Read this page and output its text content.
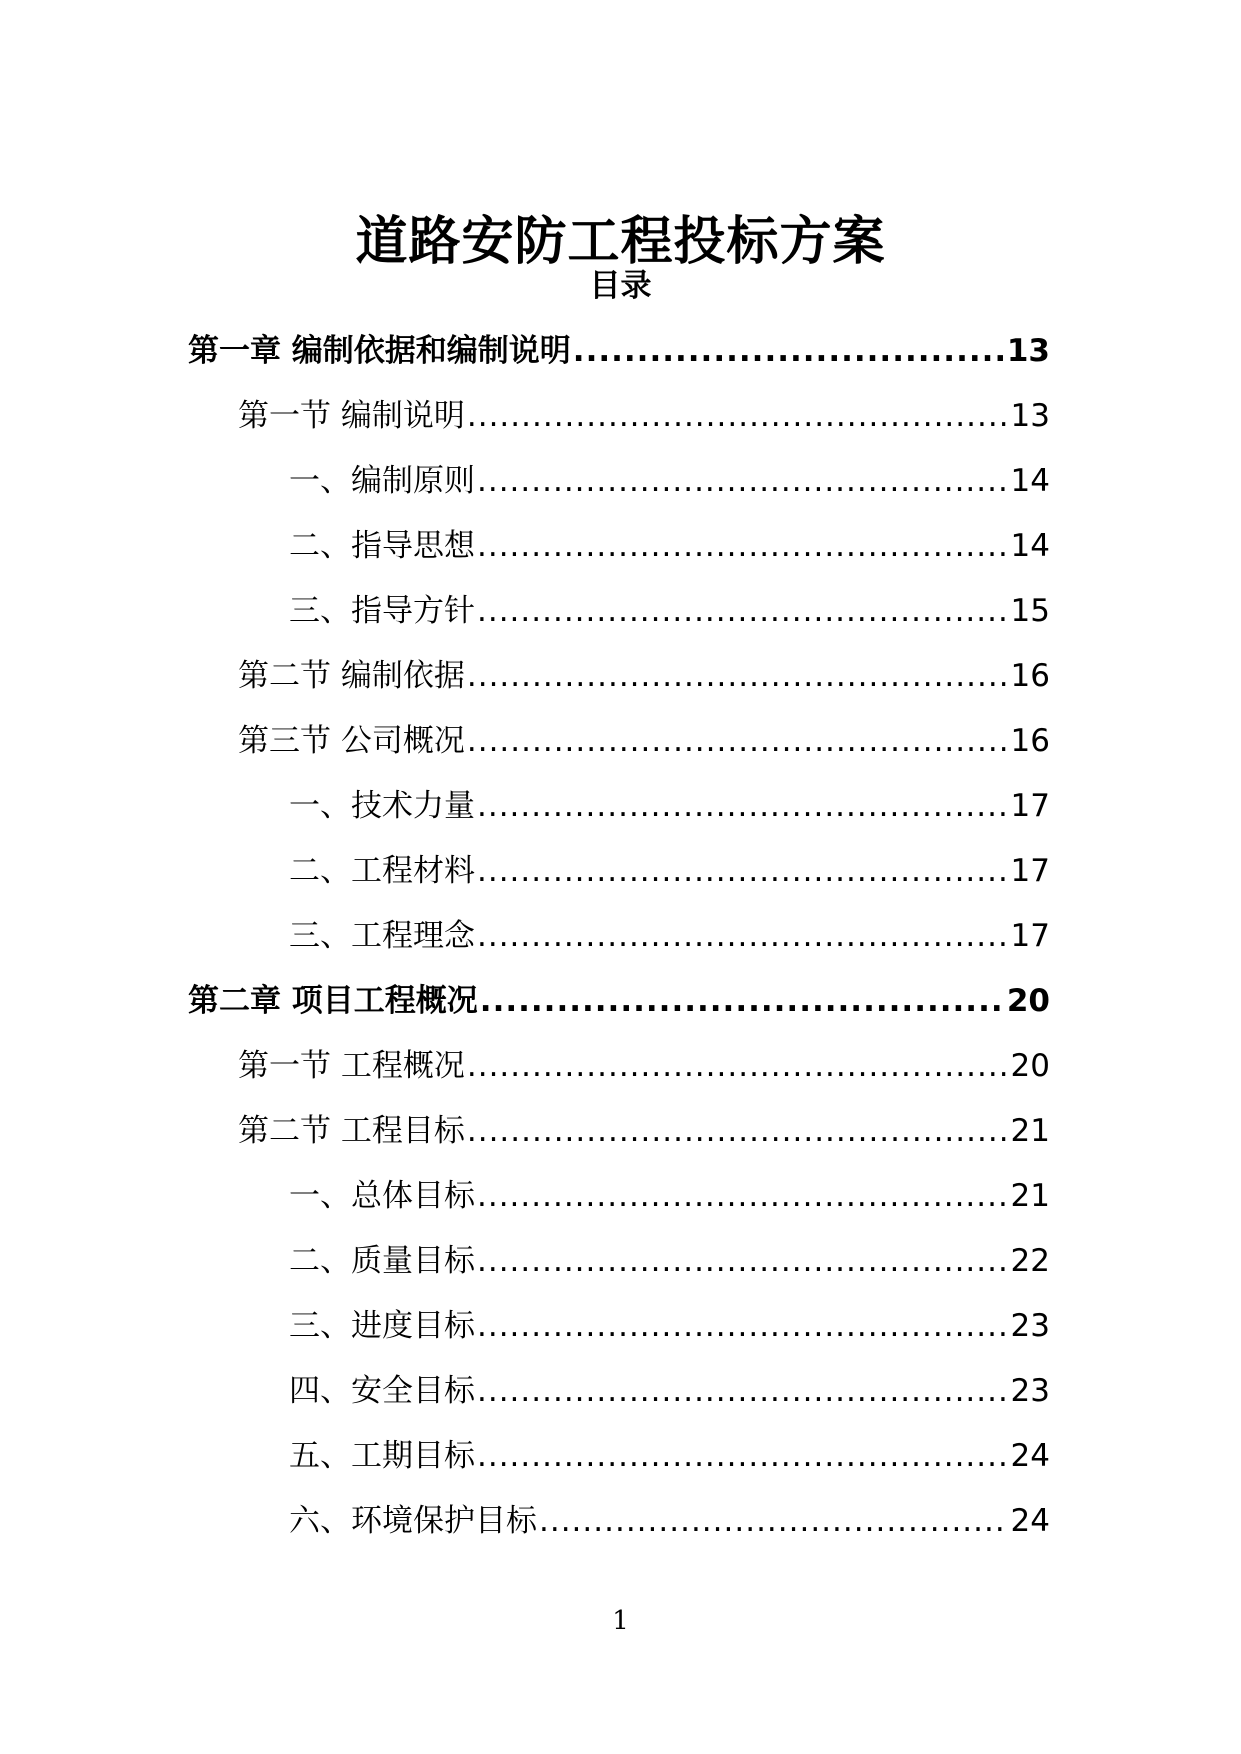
道路安防工程投标方案
目录
第一章 编制依据和编制说明 .....	13
第一节 编制说明 .....	13
一、编制原则 .....	14
二、指导思想 .....	14
三、指导方针 .....	15
第二节 编制依据 .....	16
第三节 公司概况 .....	16
一、技术力量 .....	17
二、工程材料 .....	17
三、工程理念 .....	17
第二章 项目工程概况 .....	20
第一节 工程概况 .....	20
第二节 工程目标 .....	21
一、总体目标 .....	21
二、质量目标 .....	22
三、进度目标 .....	23
四、安全目标 .....	23
五、工期目标 .....	24
六、环境保护目标 .....	24
1
